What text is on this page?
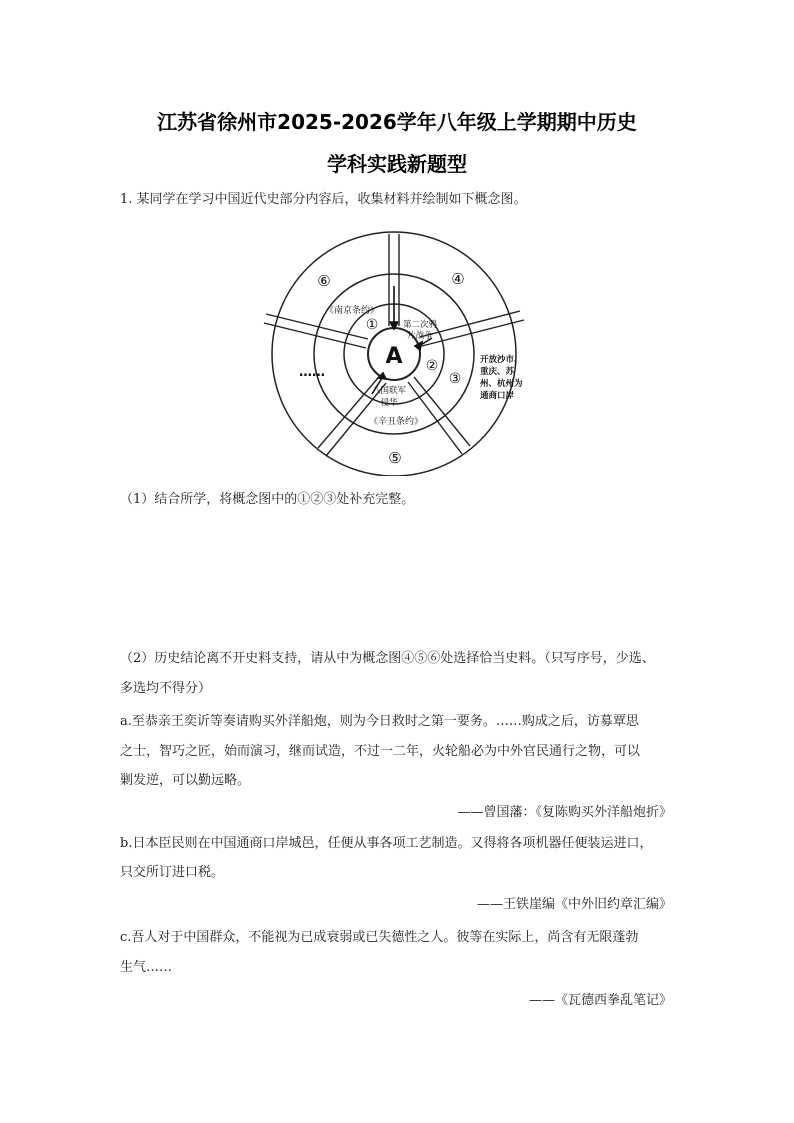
江苏省徐州市2025-2026学年八年级上学期期中历史
学科实践新题型
1. 某同学在学习中国近代史部分内容后，收集材料并绘制如下概念图。
A
⑥	④
①
②
③
⑤
《南京条约》
第二次鸦
片战争
开放沙市、
重庆、苏
州、杭州为
通商口岸
八国联军
侵华
《辛丑条约》
……
（1）结合所学，将概念图中的①②③处补充完整。
（2）历史结论离不开史料支持，请从中为概念图④⑤⑥处选择恰当史料。（只写序号，少选、
多选均不得分）
a.至恭亲王奕䜣等奏请购买外洋船炮，则为今日救时之第一要务。……购成之后，访募覃思
之士，智巧之匠，始而演习，继而试造，不过一二年，火轮船必为中外官民通行之物，可以
剿发逆，可以勤远略。
——曾国藩：《复陈购买外洋船炮折》
b.日本臣民则在中国通商口岸城邑，任便从事各项工艺制造。又得将各项机器任便装运进口，
只交所订进口税。
——王铁崖编《中外旧约章汇编》
c.吾人对于中国群众，不能视为已成衰弱或已失德性之人。彼等在实际上，尚含有无限蓬勃
生气……
——《瓦德西拳乱笔记》
